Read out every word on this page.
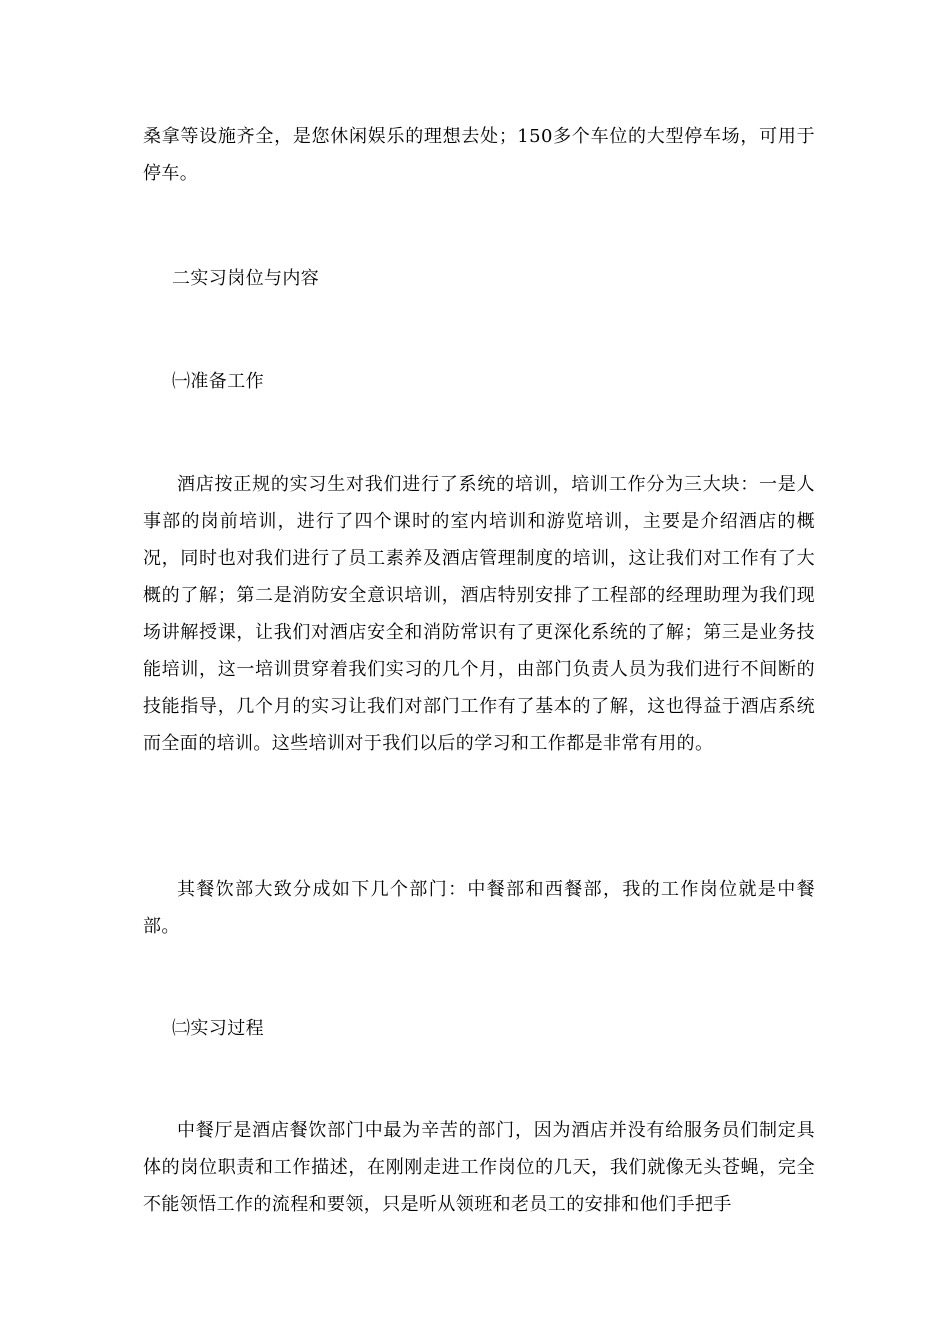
桑拿等设施齐全，是您休闲娱乐的理想去处；150多个车位的大型停车场，可用于停车。

二实习岗位与内容
㈠准备工作

酒店按正规的实习生对我们进行了系统的培训，培训工作分为三大块：一是人事部的岗前培训，进行了四个课时的室内培训和游览培训，主要是介绍酒店的概况，同时也对我们进行了员工素养及酒店管理制度的培训，这让我们对工作有了大概的了解；第二是消防安全意识培训，酒店特别安排了工程部的经理助理为我们现场讲解授课，让我们对酒店安全和消防常识有了更深化系统的了解；第三是业务技能培训，这一培训贯穿着我们实习的几个月，由部门负责人员为我们进行不间断的技能指导，几个月的实习让我们对部门工作有了基本的了解，这也得益于酒店系统而全面的培训。这些培训对于我们以后的学习和工作都是非常有用的。

其餐饮部大致分成如下几个部门：中餐部和西餐部，我的工作岗位就是中餐部。

㈡实习过程

中餐厅是酒店餐饮部门中最为辛苦的部门，因为酒店并没有给服务员们制定具体的岗位职责和工作描述，在刚刚走进工作岗位的几天，我们就像无头苍蝇，完全不能领悟工作的流程和要领，只是听从领班和老员工的安排和他们手把手
